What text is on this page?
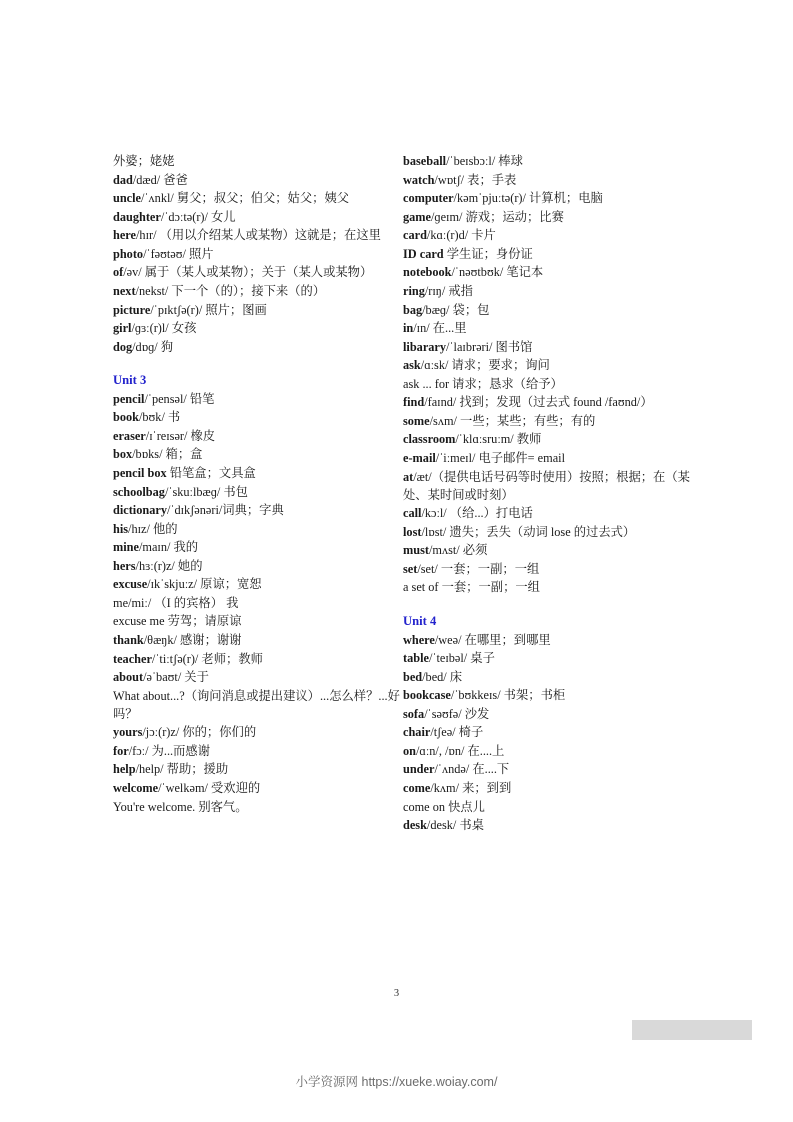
外婆；姥姥
dad/dæd/ 爸爸
uncle/ˈʌnkl/ 舅父；叔父；伯父；姑父；姨父
daughter/ˈdɔːtə(r)/ 女儿
here/hɪr/ （用以介绍某人或某物）这就是；在这里
photo/ˈfəʊtəʊ/ 照片
of/əv/ 属于（某人或某物）；关于（某人或某物）
next/nekst/ 下一个（的）；接下来（的）
picture/ˈpɪktʃə(r)/ 照片；图画
girl/ɡɜː(r)l/ 女孩
dog/dɒɡ/ 狗
Unit 3
pencil/ˈpensəl/ 铅笔
book/bʊk/ 书
eraser/ɪˈreɪsər/ 橡皮
box/bɒks/ 箱；盒
pencil box 铅笔盒；文具盒
schoolbag/ˈskuːlbæɡ/ 书包
dictionary/ˈdɪkʃənəri/词典；字典
his/hɪz/ 他的
mine/maɪn/ 我的
hers/hɜː(r)z/ 她的
excuse/ɪkˈskjuːz/ 原谅；宽恕
me/miː/ （I 的宾格） 我
excuse me 劳驾；请原谅
thank/θæŋk/ 感谢；谢谢
teacher/ˈtiːtʃə(r)/ 老师；教师
about/əˈbaʊt/ 关于
What about...?（询问消息或提出建议）...怎么样？...好吗？
yours/jɔː(r)z/ 你的；你们的
for/fɔː/ 为...而感谢
help/help/ 帮助；援助
welcome/ˈwelkəm/ 受欢迎的
You're welcome. 别客气。
baseball/ˈbeɪsbɔːl/ 棒球
watch/wɒtʃ/ 表；手表
computer/kəmˈpjuːtə(r)/ 计算机；电脑
game/ɡeɪm/ 游戏；运动；比赛
card/kɑː(r)d/ 卡片
ID card 学生证；身份证
notebook/ˈnəʊtbʊk/ 笔记本
ring/rɪŋ/ 戒指
bag/bæɡ/ 袋；包
in/ɪn/ 在...里
libarary/ˈlaɪbrəri/ 图书馆
ask/ɑːsk/ 请求；要求；询问
ask ... for 请求；恳求（给予）
find/faɪnd/ 找到；发现（过去式 found /faʊnd/）
some/sʌm/ 一些；某些；有些；有的
classroom/ˈklɑːsruːm/ 教师
e-mail/ˈiːmeɪl/ 电子邮件= email
at/æt/（提供电话号码等时使用）按照；根据；在（某处、某时间或时刻）
call/kɔːl/ （给...）打电话
lost/lɒst/ 遗失；丢失（动词 lose 的过去式）
must/mʌst/ 必须
set/set/ 一套；一副；一组
a set of 一套；一副；一组
Unit 4
where/weə/ 在哪里；到哪里
table/ˈteɪbəl/ 桌子
bed/bed/ 床
bookcase/ˈbʊkkeɪs/ 书架；书柜
sofa/ˈsəʊfə/ 沙发
chair/tʃeə/ 椅子
on/ɑːn/, /ɒn/ 在....上
under/ˈʌndə/ 在....下
come/kʌm/ 来；到到
come on 快点儿
desk/desk/ 书桌
3
小学资源网 https://xueke.woiay.com/
